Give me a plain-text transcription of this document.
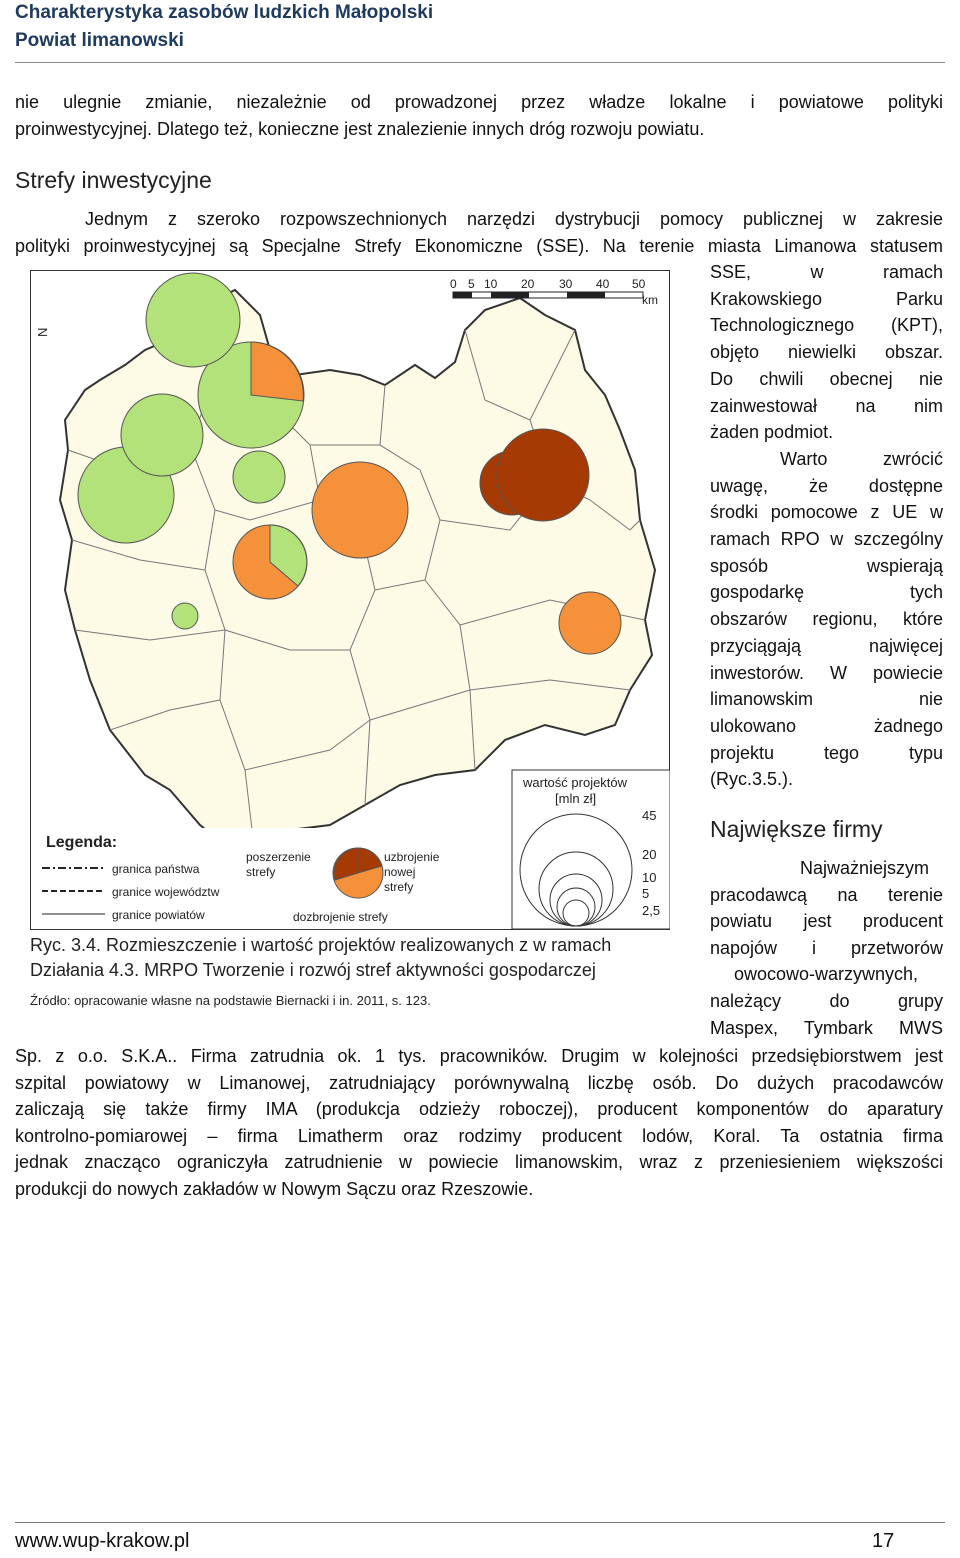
Charakterystyka zasobów ludzkich Małopolski
Powiat limanowski
nie ulegnie zmianie, niezależnie od prowadzonej przez władze lokalne i powiatowe polityki
proinwestycyjnej. Dlatego też, konieczne jest znalezienie innych dróg rozwoju powiatu.
Strefy inwestycyjne
Jednym z szeroko rozpowszechnionych narzędzi dystrybucji pomocy publicznej w zakresie
polityki proinwestycyjnej są Specjalne Strefy Ekonomiczne (SSE). Na terenie miasta Limanowa statusem
SSE, w ramach
Krakowskiego Parku
Technologicznego (KPT),
objęto niewielki obszar.
Do chwili obecnej nie
zainwestował na nim
żaden podmiot.
Warto zwrócić
uwagę, że dostępne
środki pomocowe z UE w
ramach RPO w szczególny
sposób wspierają
gospodarkę tych
obszarów regionu, które
przyciągają najwięcej
inwestorów. W powiecie
limanowskim nie
ulokowano żadnego
projektu tego typu
(Ryc.3.5.).
Największe firmy
Najważniejszym
pracodawcą na terenie
powiatu jest producent
napojów i przetworów
owocowo-warzywnych,
należący do grupy
Maspex, Tymbark MWS
Sp. z o.o. S.K.A.. Firma zatrudnia ok. 1 tys. pracowników. Drugim w kolejności przedsiębiorstwem jest
szpital powiatowy w Limanowej, zatrudniający porównywalną liczbę osób. Do dużych pracodawców
zaliczają się także firmy IMA (produkcja odzieży roboczej), producent komponentów do aparatury
kontrolno-pomiarowej – firma Limatherm oraz rodzimy producent lodów, Koral. Ta ostatnia firma
jednak znacząco ograniczyła zatrudnienie w powiecie limanowskim, wraz z przeniesieniem większości
produkcji do nowych zakładów w Nowym Sączu oraz Rzeszowie.
N
0 5 10 20 30 40 50
km
wartość projektów
[mln zł]
45
20
10
5
2,5
Legenda:
granica państwa
granice województw
granice powiatów
poszerzenie
strefy
uzbrojenie
nowej
strefy
dozbrojenie strefy
Ryc. 3.4. Rozmieszczenie i wartość projektów realizowanych z w ramach
Działania 4.3. MRPO Tworzenie i rozwój stref aktywności gospodarczej
Źródło: opracowanie własne na podstawie Biernacki i in. 2011, s. 123.
www.wup-krakow.pl	17
